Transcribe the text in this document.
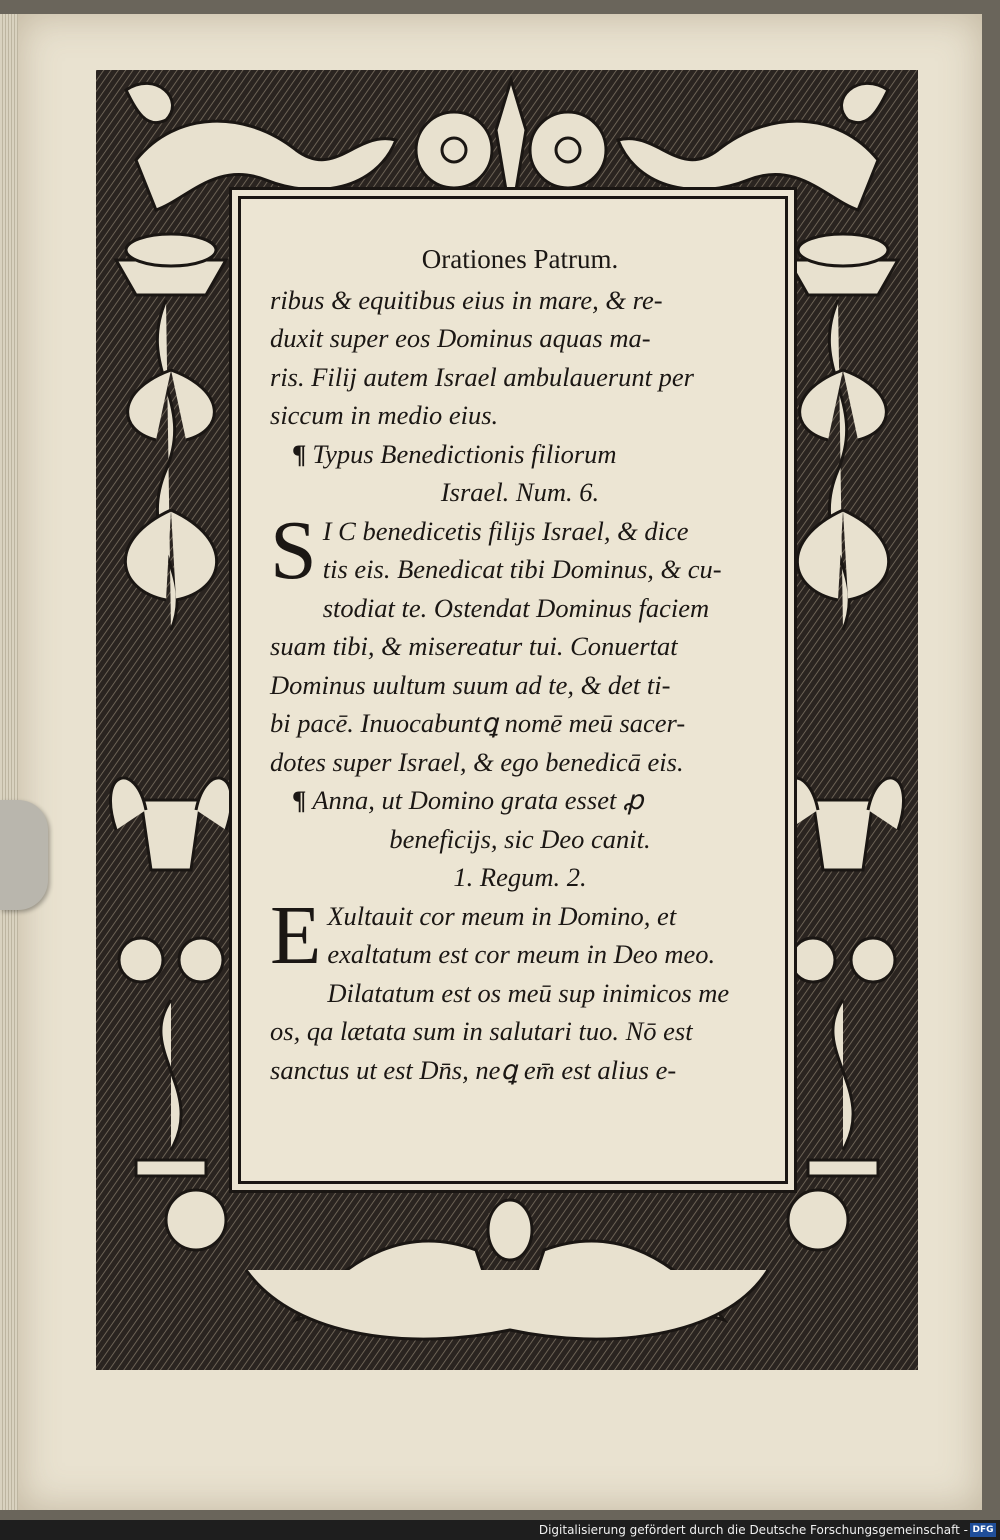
Orationes Patrum.
ribus & equitibus eius in mare, & re-
duxit super eos Dominus aquas ma-
ris. Filij autem Israel ambulauerunt per
siccum in medio eius.
¶ Typus Benedictionis filiorum
Israel. Num. 6.
S I C benedicetis filijs Israel, & dice
tis eis. Benedicat tibi Dominus, & cu-
stodiat te. Ostendat Dominus faciem
suam tibi, & misereatur tui. Conuertat
Dominus uultum suum ad te, & det ti-
bi pacē. Inuocabuntꝗ nomē meū sacer-
dotes super Israel, & ego benedicā eis.
¶ Anna, ut Domino grata esset ꝓ
beneficijs, sic Deo canit.
1. Regum. 2.
E Xultauit cor meum in Domino, et
exaltatum est cor meum in Deo meo.
Dilatatum est os meū sup inimicos me
os, qa lætata sum in salutari tuo. Nō est
sanctus ut est Dn̄s, neꝗ em̄ est alius e-
Digitalisierung gefördert durch die Deutsche Forschungsgemeinschaft - DFG
